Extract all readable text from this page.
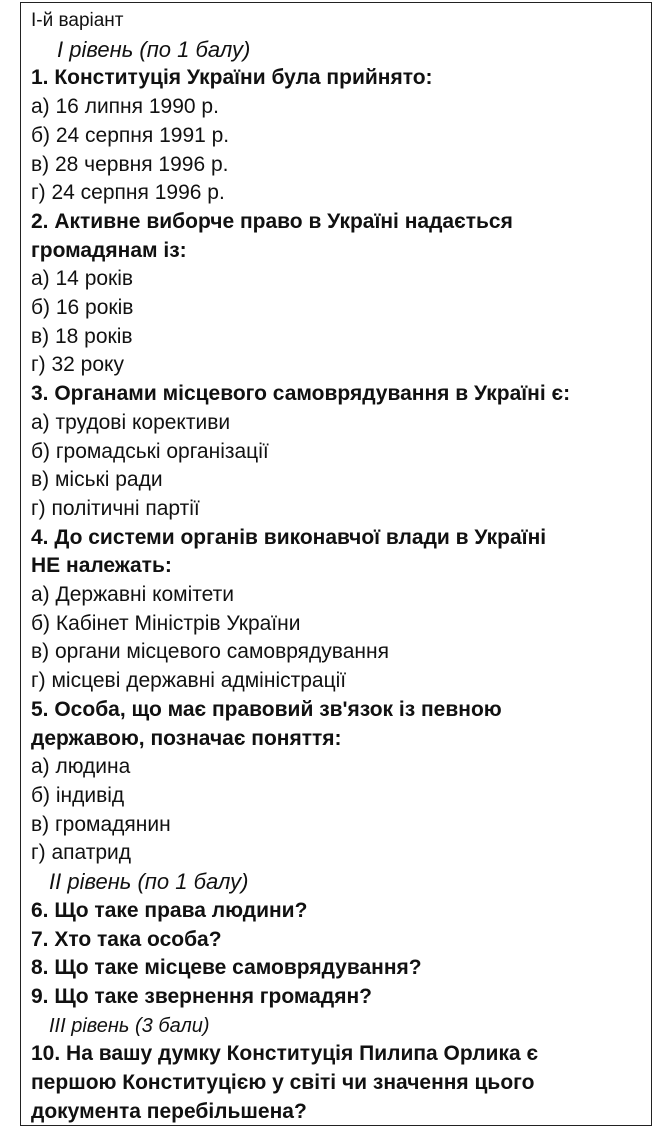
І-й варіант
І рівень (по 1 балу)
1. Конституція України була прийнято:
а) 16 липня 1990 р.
б) 24 серпня 1991 р.
в) 28 червня 1996 р.
г) 24 серпня 1996 р.
2. Активне виборче право в Україні надається
громадянам із:
а) 14 років
б) 16 років
в) 18 років
г) 32 року
3. Органами місцевого самоврядування в Україні є:
а) трудові корективи
б) громадські організації
в) міські ради
г) політичні партії
4. До системи органів виконавчої влади в Україні
НЕ належать:
а) Державні комітети
б) Кабінет Міністрів України
в) органи місцевого самоврядування
г) місцеві державні адміністрації
5. Особа, що має правовий зв'язок із певною
державою, позначає поняття:
а) людина
б) індивід
в) громадянин
г) апатрид
ІІ рівень (по 1 балу)
6. Що таке права людини?
7. Хто така особа?
8. Що таке місцеве самоврядування?
9. Що таке звернення громадян?
ІІІ рівень (3 бали)
10. На вашу думку Конституція Пилипа Орлика є
першою Конституцією у світі чи значення цього
документа перебільшена?
